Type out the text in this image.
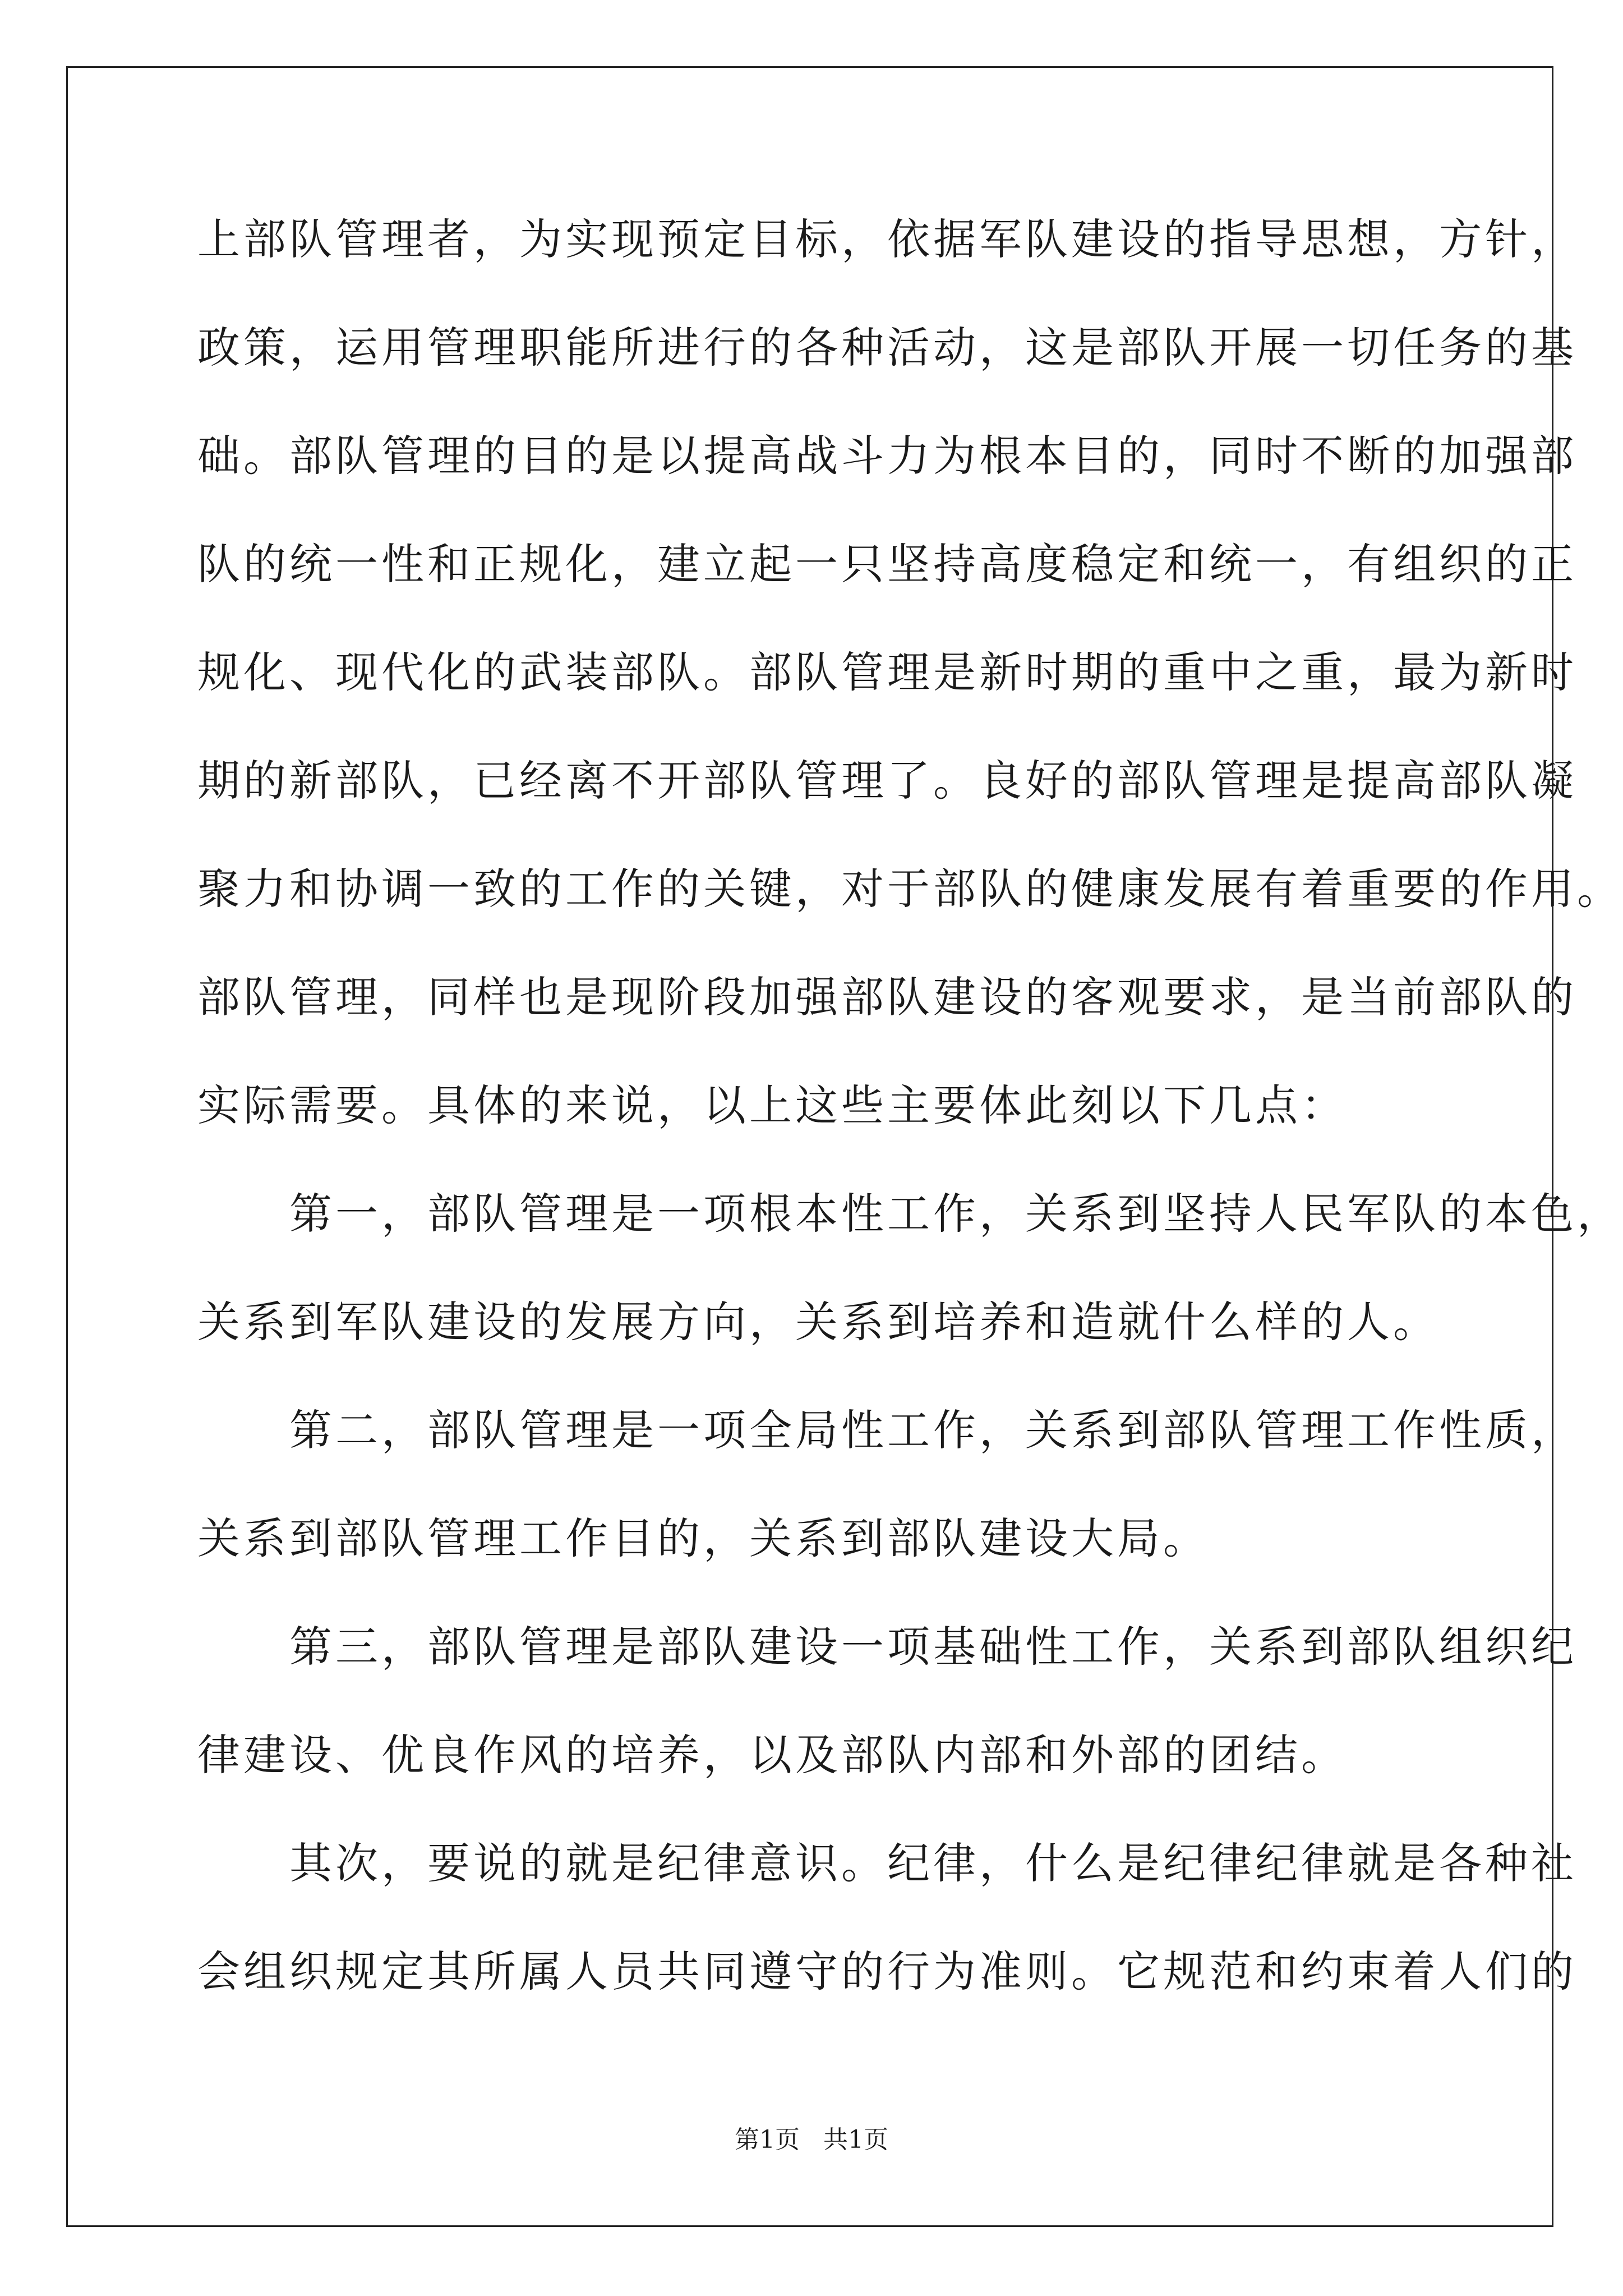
上部队管理者，为实现预定目标，依据军队建设的指导思想，方针，
政策，运用管理职能所进行的各种活动，这是部队开展一切任务的基
础。部队管理的目的是以提高战斗力为根本目的，同时不断的加强部
队的统一性和正规化，建立起一只坚持高度稳定和统一，有组织的正
规化、现代化的武装部队。部队管理是新时期的重中之重，最为新时
期的新部队，已经离不开部队管理了。良好的部队管理是提高部队凝
聚力和协调一致的工作的关键，对于部队的健康发展有着重要的作用。
部队管理，同样也是现阶段加强部队建设的客观要求，是当前部队的
实际需要。具体的来说，以上这些主要体此刻以下几点：
　　第一，部队管理是一项根本性工作，关系到坚持人民军队的本色，
关系到军队建设的发展方向，关系到培养和造就什么样的人。
　　第二，部队管理是一项全局性工作，关系到部队管理工作性质，
关系到部队管理工作目的，关系到部队建设大局。
　　第三，部队管理是部队建设一项基础性工作，关系到部队组织纪
律建设、优良作风的培养，以及部队内部和外部的团结。
　　其次，要说的就是纪律意识。纪律，什么是纪律纪律就是各种社
会组织规定其所属人员共同遵守的行为准则。它规范和约束着人们的
第1页   共1页
